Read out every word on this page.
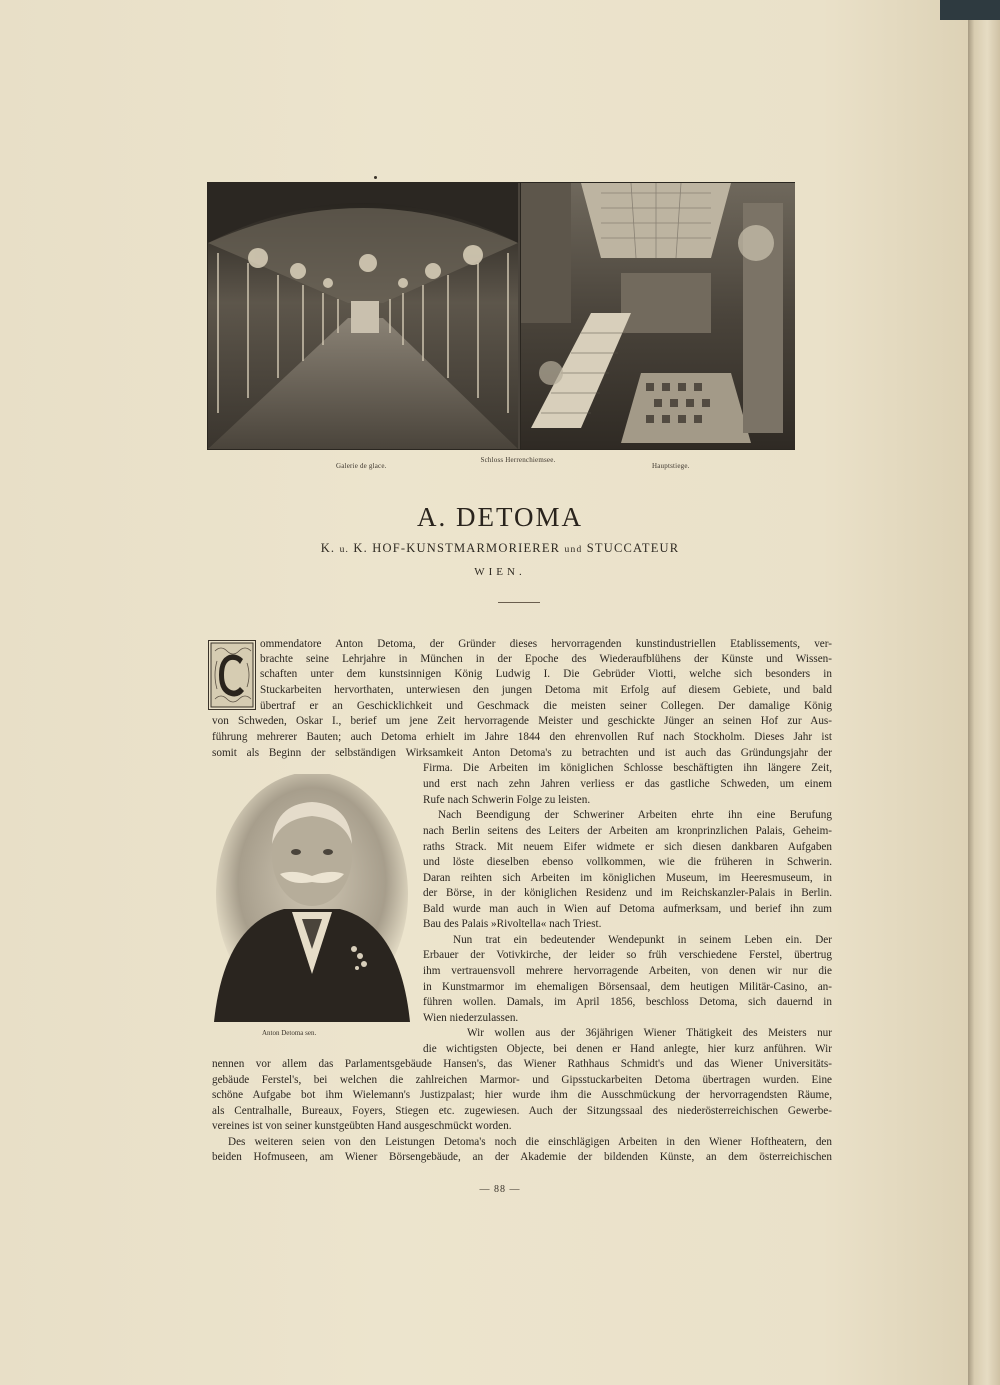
Galerie de glace.
Schloss Herrenchiemsee.
Hauptstiege.
A. DETOMA
K. u. K. HOF-KUNSTMARMORIERER und STUCCATEUR
WIEN.
Anton Detoma sen.
ommendatore Anton Detoma, der Gründer dieses hervorragenden kunstindustriellen Etablissements, ver-
brachte seine Lehrjahre in München in der Epoche des Wiederaufblühens der Künste und Wissen-
schaften unter dem kunstsinnigen König Ludwig I. Die Gebrüder Viotti, welche sich besonders in
Stuckarbeiten hervorthaten, unterwiesen den jungen Detoma mit Erfolg auf diesem Gebiete, und bald
übertraf er an Geschicklichkeit und Geschmack die meisten seiner Collegen. Der damalige König
von Schweden, Oskar I., berief um jene Zeit hervorragende Meister und geschickte Jünger an seinen Hof zur Aus-
führung mehrerer Bauten; auch Detoma erhielt im Jahre 1844 den ehrenvollen Ruf nach Stockholm. Dieses Jahr ist
somit als Beginn der selbständigen Wirksamkeit Anton Detoma's zu betrachten und ist auch das Gründungsjahr der
Firma. Die Arbeiten im königlichen Schlosse beschäftigten ihn längere Zeit,
und erst nach zehn Jahren verliess er das gastliche Schweden, um einem
Rufe nach Schwerin Folge zu leisten.
Nach Beendigung der Schweriner Arbeiten ehrte ihn eine Berufung
nach Berlin seitens des Leiters der Arbeiten am kronprinzlichen Palais, Geheim-
raths Strack. Mit neuem Eifer widmete er sich diesen dankbaren Aufgaben
und löste dieselben ebenso vollkommen, wie die früheren in Schwerin.
Daran reihten sich Arbeiten im königlichen Museum, im Heeresmuseum, in
der Börse, in der königlichen Residenz und im Reichskanzler-Palais in Berlin.
Bald wurde man auch in Wien auf Detoma aufmerksam, und berief ihn zum
Bau des Palais »Rivoltella« nach Triest.
Nun trat ein bedeutender Wendepunkt in seinem Leben ein. Der
Erbauer der Votivkirche, der leider so früh verschiedene Ferstel, übertrug
ihm vertrauensvoll mehrere hervorragende Arbeiten, von denen wir nur die
in Kunstmarmor im ehemaligen Börsensaal, dem heutigen Militär-Casino, an-
führen wollen. Damals, im April 1856, beschloss Detoma, sich dauernd in
Wien niederzulassen.
Wir wollen aus der 36jährigen Wiener Thätigkeit des Meisters nur
die wichtigsten Objecte, bei denen er Hand anlegte, hier kurz anführen. Wir
nennen vor allem das Parlamentsgebäude Hansen's, das Wiener Rathhaus Schmidt's und das Wiener Universitäts-
gebäude Ferstel's, bei welchen die zahlreichen Marmor- und Gipsstuckarbeiten Detoma übertragen wurden. Eine
schöne Aufgabe bot ihm Wielemann's Justizpalast; hier wurde ihm die Ausschmückung der hervorragendsten Räume,
als Centralhalle, Bureaux, Foyers, Stiegen etc. zugewiesen. Auch der Sitzungssaal des niederösterreichischen Gewerbe-
vereines ist von seiner kunstgeübten Hand ausgeschmückt worden.
Des weiteren seien von den Leistungen Detoma's noch die einschlägigen Arbeiten in den Wiener Hoftheatern, den
beiden Hofmuseen, am Wiener Börsengebäude, an der Akademie der bildenden Künste, an dem österreichischen
— 88 —
